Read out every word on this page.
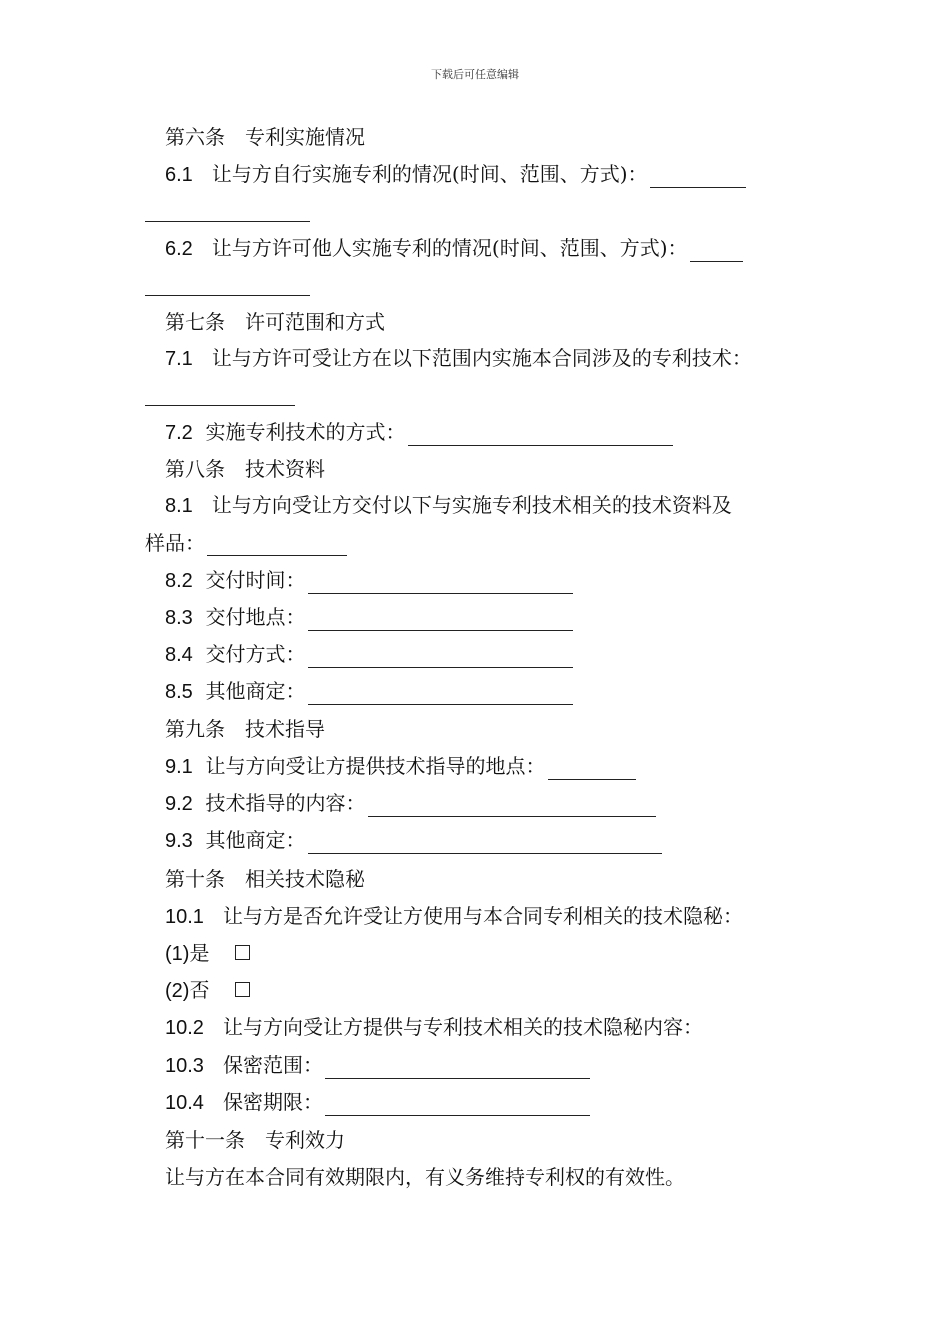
下载后可任意编辑
第六条　专利实施情况
6.1 让与方自行实施专利的情况(时间、范围、方式)：
6.2 让与方许可他人实施专利的情况(时间、范围、方式)：
第七条　许可范围和方式
7.1 让与方许可受让方在以下范围内实施本合同涉及的专利技术：
7.2 实施专利技术的方式：
第八条　技术资料
8.1 让与方向受让方交付以下与实施专利技术相关的技术资料及
样品：
8.2 交付时间：
8.3 交付地点：
8.4 交付方式：
8.5 其他商定：
第九条　技术指导
9.1 让与方向受让方提供技术指导的地点：
9.2 技术指导的内容：
9.3 其他商定：
第十条　相关技术隐秘
10.1 让与方是否允许受让方使用与本合同专利相关的技术隐秘：
(1)是
(2)否
10.2 让与方向受让方提供与专利技术相关的技术隐秘内容：
10.3 保密范围：
10.4 保密期限：
第十一条　专利效力
让与方在本合同有效期限内，有义务维持专利权的有效性。
